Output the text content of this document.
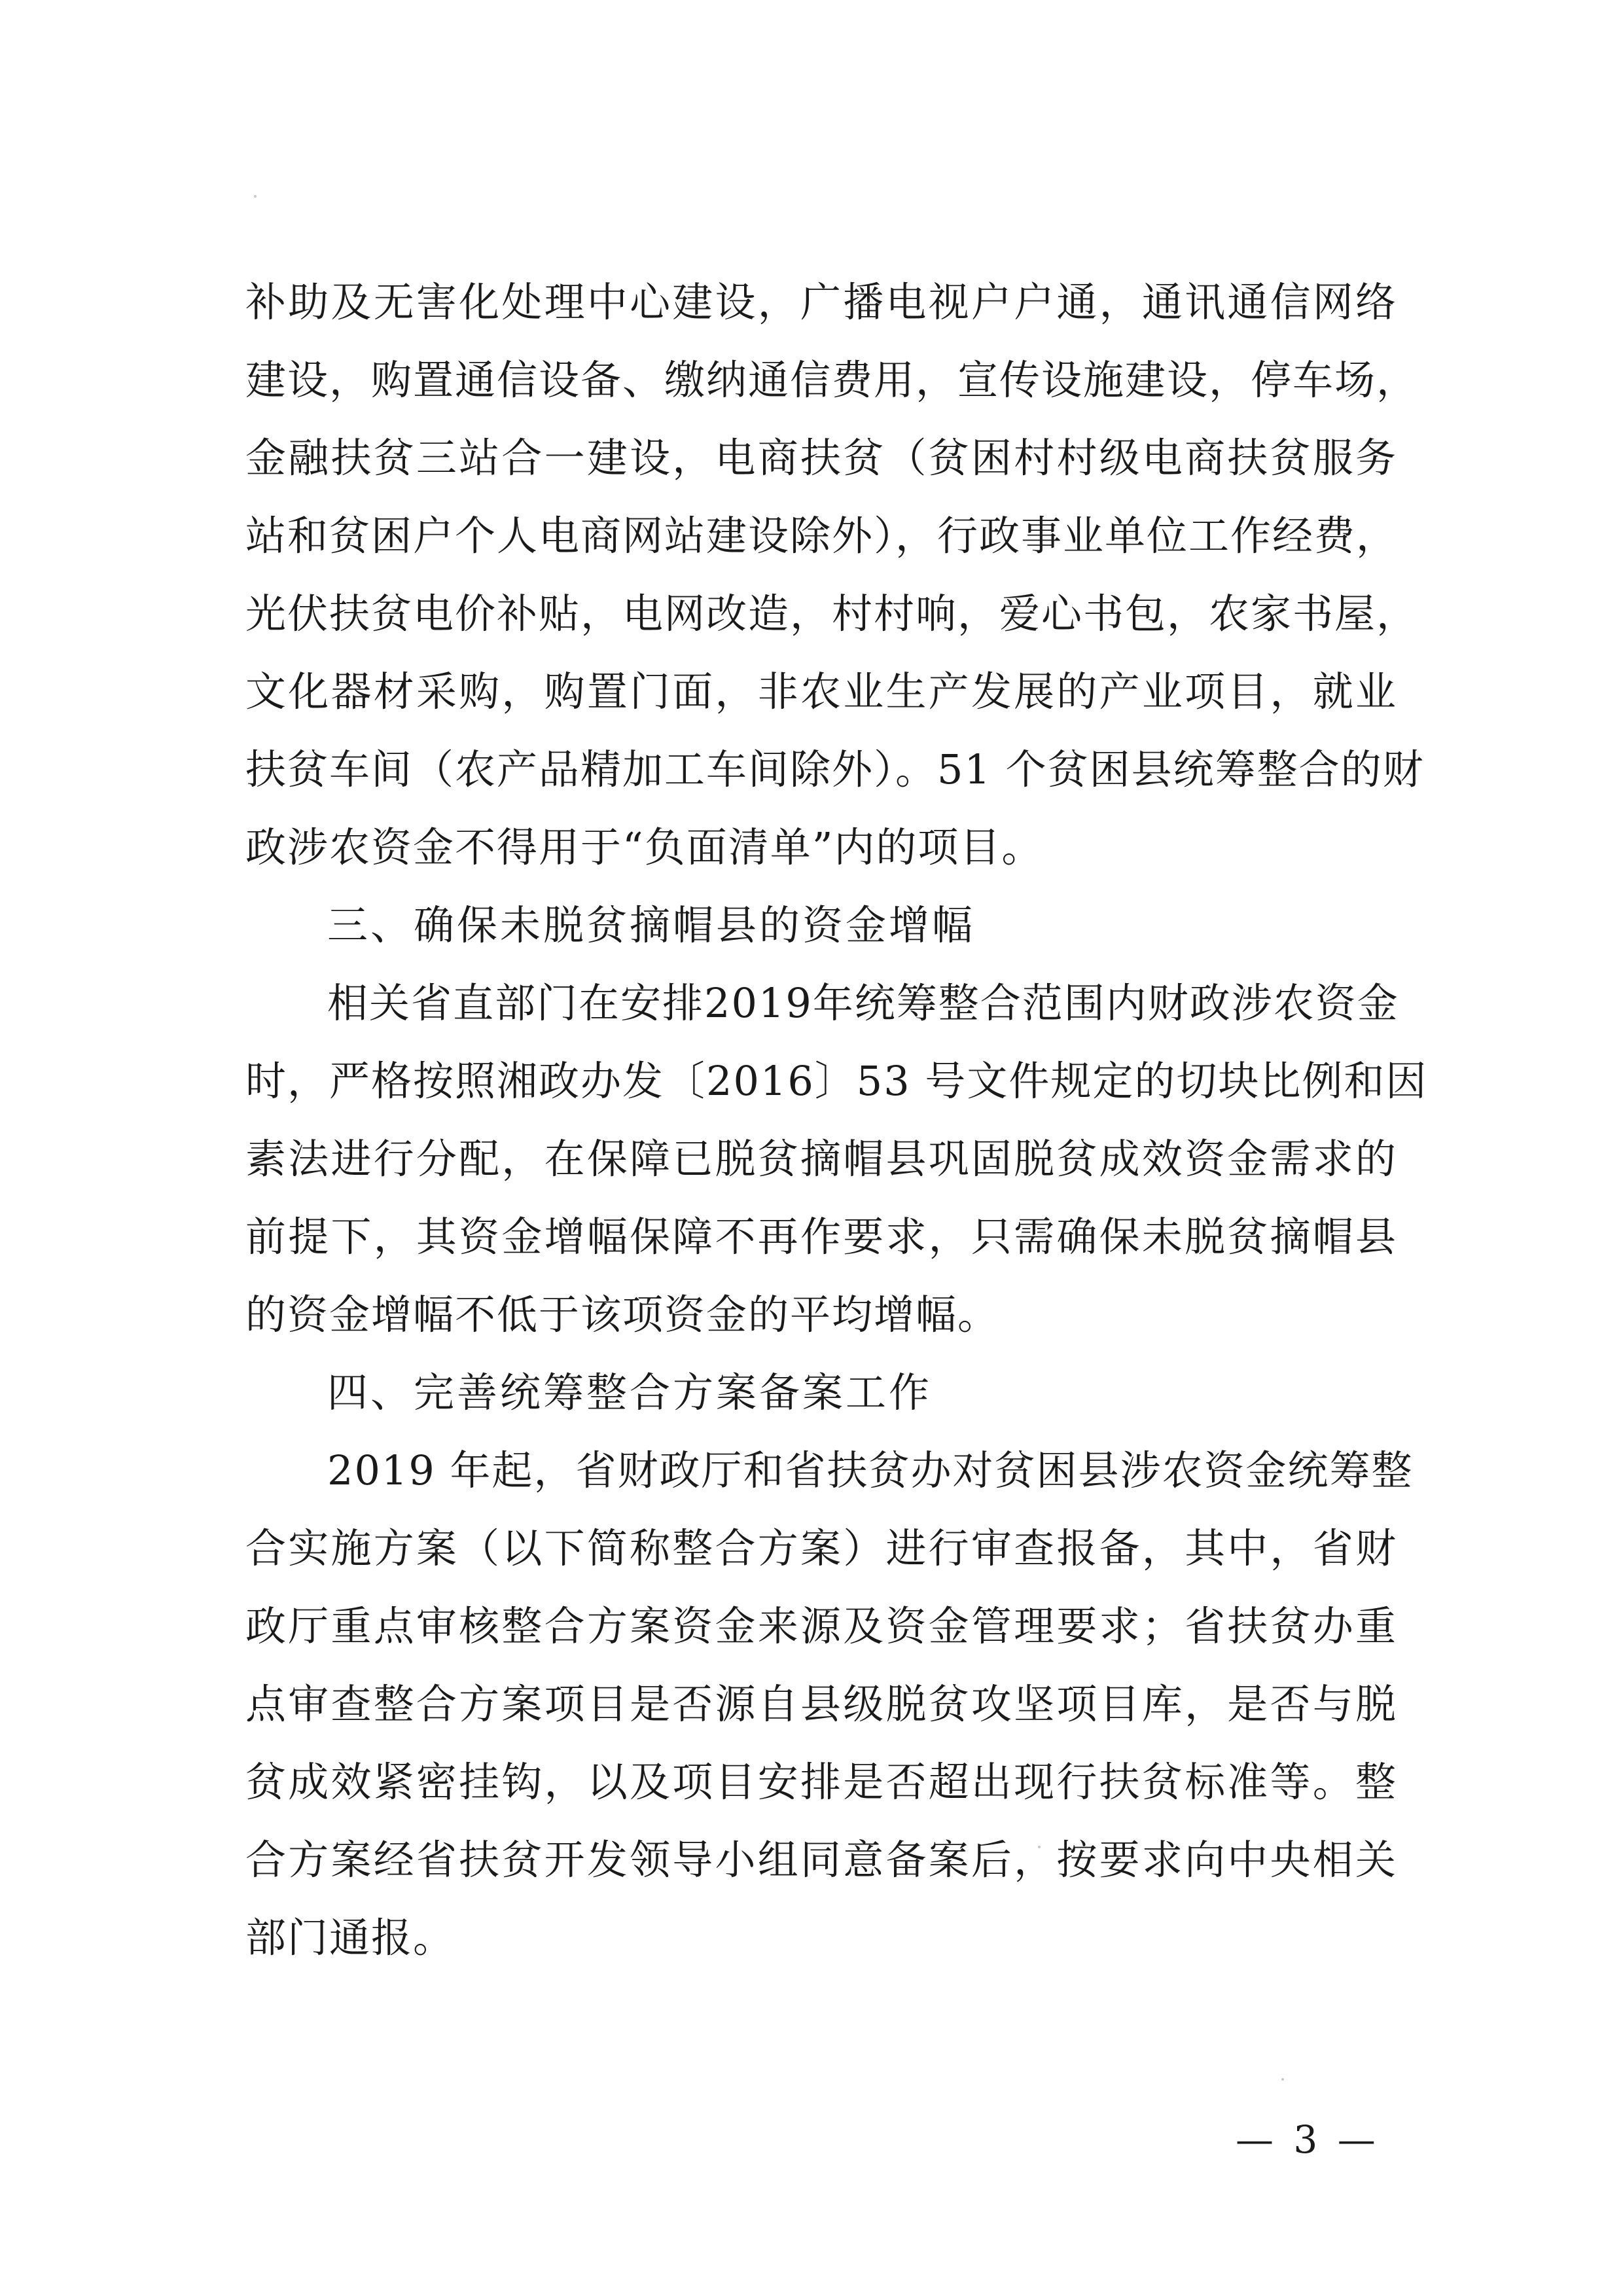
补助及无害化处理中心建设，广播电视户户通，通讯通信网络
建设，购置通信设备、缴纳通信费用，宣传设施建设，停车场，
金融扶贫三站合一建设，电商扶贫（贫困村村级电商扶贫服务
站和贫困户个人电商网站建设除外），行政事业单位工作经费，
光伏扶贫电价补贴，电网改造，村村响，爱心书包，农家书屋，
文化器材采购，购置门面，非农业生产发展的产业项目，就业
扶贫车间（农产品精加工车间除外）。51 个贫困县统筹整合的财
政涉农资金不得用于“负面清单”内的项目。
三、确保未脱贫摘帽县的资金增幅
相关省直部门在安排2019年统筹整合范围内财政涉农资金
时，严格按照湘政办发〔2016〕53 号文件规定的切块比例和因
素法进行分配，在保障已脱贫摘帽县巩固脱贫成效资金需求的
前提下，其资金增幅保障不再作要求，只需确保未脱贫摘帽县
的资金增幅不低于该项资金的平均增幅。
四、完善统筹整合方案备案工作
2019 年起，省财政厅和省扶贫办对贫困县涉农资金统筹整
合实施方案（以下简称整合方案）进行审查报备，其中，省财
政厅重点审核整合方案资金来源及资金管理要求；省扶贫办重
点审查整合方案项目是否源自县级脱贫攻坚项目库，是否与脱
贫成效紧密挂钩，以及项目安排是否超出现行扶贫标准等。整
合方案经省扶贫开发领导小组同意备案后，按要求向中央相关
部门通报。
— 3 —
